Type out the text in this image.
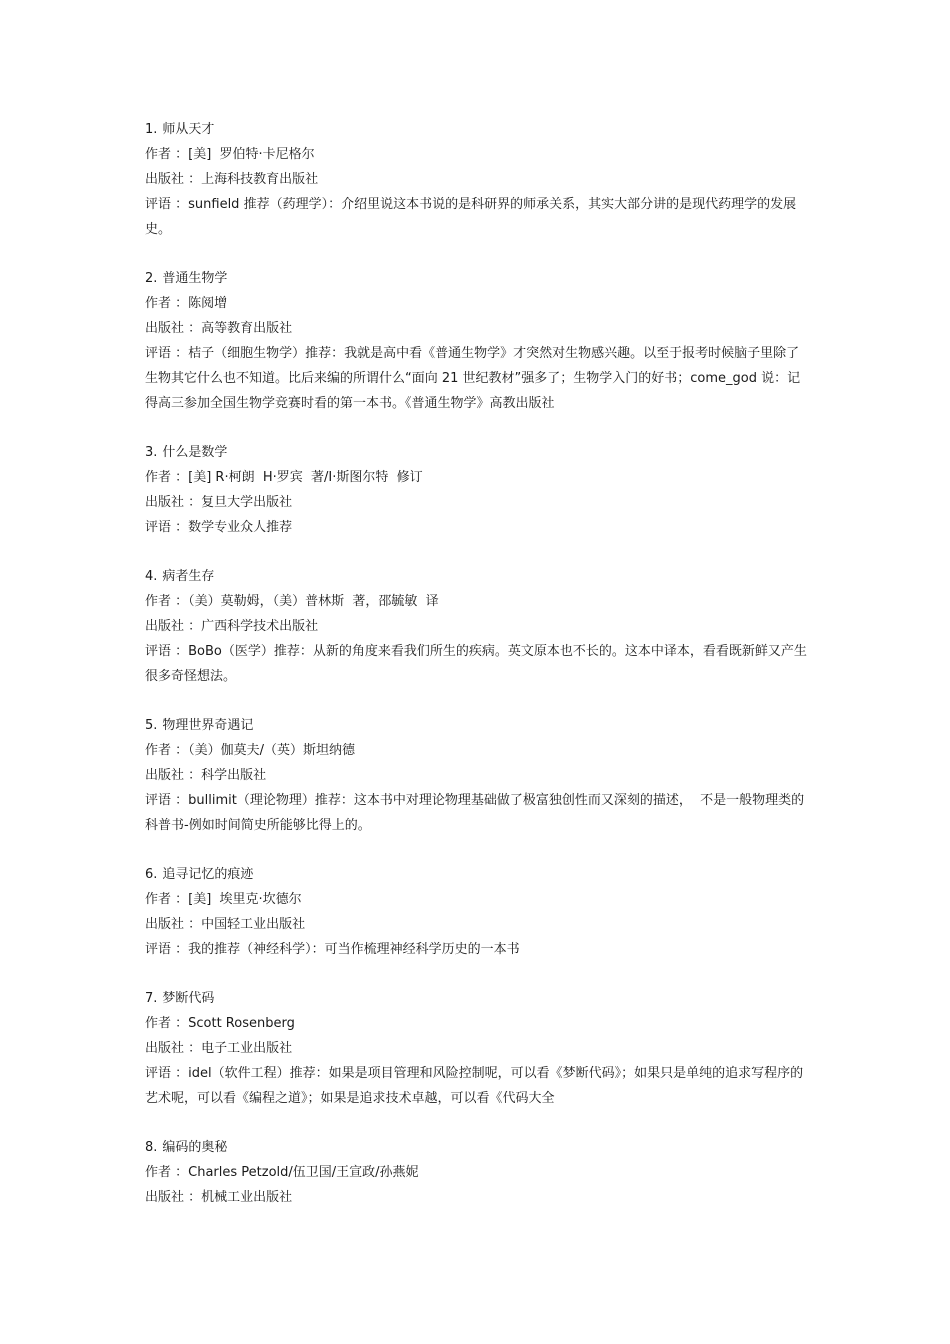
1. 师从天才
作者 ：[美]  罗伯特·卡尼格尔
出版社 ：上海科技教育出版社
评语 ：sunfield 推荐（药理学）：介绍里说这本书说的是科研界的师承关系，其实大部分讲的是现代药理学的发展史。
2. 普通生物学
作者 ：陈阅增
出版社 ：高等教育出版社
评语 ：桔子（细胞生物学）推荐：我就是高中看《普通生物学》才突然对生物感兴趣。以至于报考时候脑子里除了生物其它什么也不知道。比后来编的所谓什么“面向 21 世纪教材”强多了；生物学入门的好书；come_god 说：记得高三参加全国生物学竞赛时看的第一本书。《普通生物学》高教出版社
3. 什么是数学
作者 ：[美] R·柯朗  H·罗宾  著/I·斯图尔特  修订
出版社 ：复旦大学出版社
评语 ：数学专业众人推荐
4. 病者生存
作者 ：（美）莫勒姆，（美）普林斯  著，邵毓敏  译
出版社 ：广西科学技术出版社
评语 ：BoBo（医学）推荐：从新的角度来看我们所生的疾病。英文原本也不长的。这本中译本，看看既新鲜又产生很多奇怪想法。
5. 物理世界奇遇记
作者 ：（美）伽莫夫/（英）斯坦纳德
出版社 ：科学出版社
评语 ：bullimit（理论物理）推荐：这本书中对理论物理基础做了极富独创性而又深刻的描述，  不是一般物理类的科普书-例如时间简史所能够比得上的。
6. 追寻记忆的痕迹
作者 ：[美]  埃里克·坎德尔
出版社 ：中国轻工业出版社
评语 ：我的推荐（神经科学）：可当作梳理神经科学历史的一本书
7. 梦断代码
作者 ：Scott Rosenberg
出版社 ：电子工业出版社
评语 ：idel（软件工程）推荐：如果是项目管理和风险控制呢，可以看《梦断代码》；如果只是单纯的追求写程序的艺术呢，可以看《编程之道》；如果是追求技术卓越，可以看《代码大全
8. 编码的奥秘
作者 ：Charles Petzold/伍卫国/王宣政/孙燕妮
出版社 ：机械工业出版社
